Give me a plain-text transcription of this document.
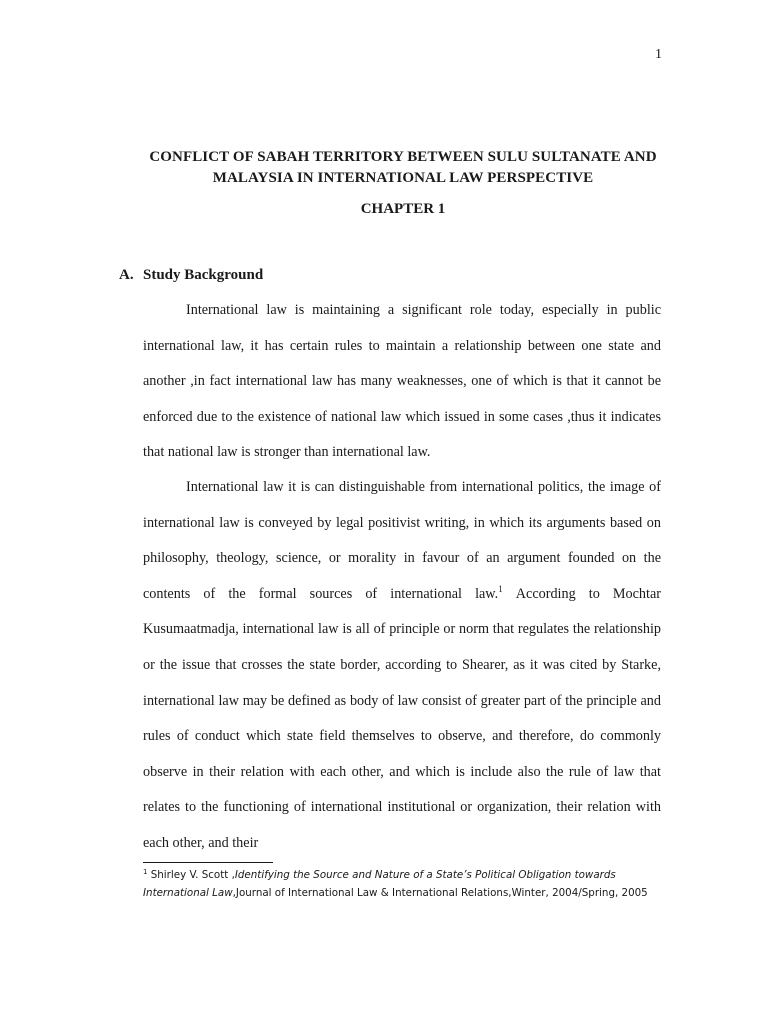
1
CONFLICT OF SABAH TERRITORY BETWEEN SULU SULTANATE AND
MALAYSIA IN INTERNATIONAL LAW PERSPECTIVE
CHAPTER 1
A. Study Background

International law is maintaining a significant role today, especially in public international law, it has certain rules to maintain a relationship between one state and another ,in fact international law has many weaknesses, one of which is that it cannot be enforced due to the existence of national law which issued in some cases ,thus it indicates that national law is stronger than international law.

International law it is can distinguishable from international politics, the image of international law is conveyed by legal positivist writing, in which its arguments based on philosophy, theology, science, or morality in favour of an argument founded on the contents of the formal sources of international law.$^1$ According to Mochtar Kusumaatmadja, international law is all of principle or norm that regulates the relationship or the issue that crosses the state border, according to Shearer, as it was cited by Starke, international law may be defined as body of law consist of greater part of the principle and rules of conduct which state field themselves to observe, and therefore, do commonly observe in their relation with each other, and which is include also the rule of law that relates to the functioning of international institutional or organization, their relation with each other, and their

$^1$ Shirley V. Scott ,Identifying the Source and Nature of a State’s Political Obligation towards
International Law,Journal of International Law & International Relations,Winter, 2004/Spring, 2005
